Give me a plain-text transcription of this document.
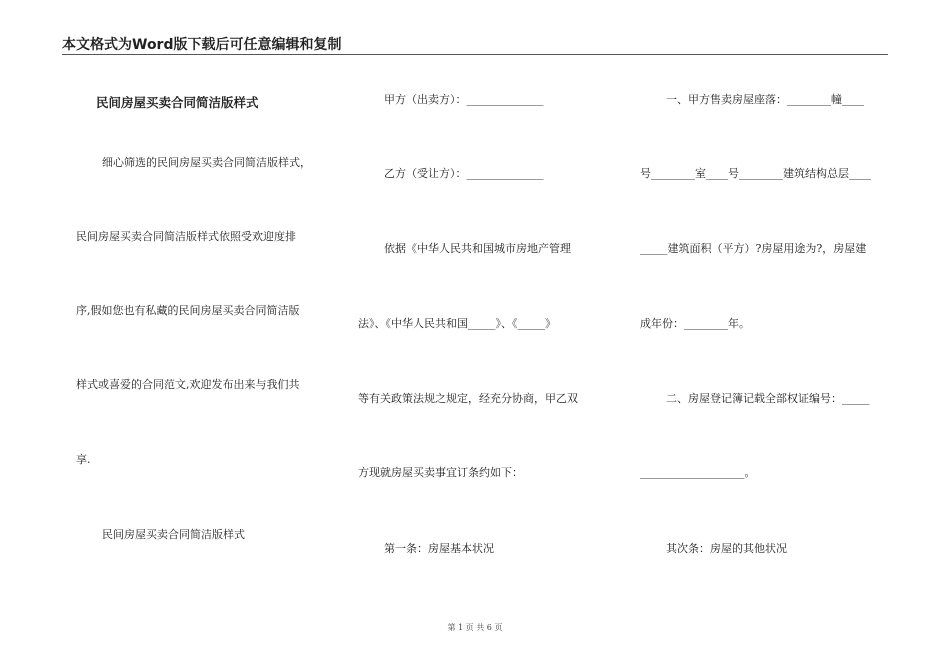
本文格式为Word版下载后可任意编辑和复制
民间房屋买卖合同简洁版样式
细心筛选的民间房屋买卖合同简洁版样式，
民间房屋买卖合同简洁版样式依照受欢迎度排
序,假如您也有私藏的民间房屋买卖合同简洁版
样式或喜爱的合同范文,欢迎发布出来与我们共
享.
民间房屋买卖合同简洁版样式
甲方（出卖方）：______________
乙方（受让方）：______________
依据《中华人民共和国城市房地产管理
法》、《中华人民共和国_____》、《_____》
等有关政策法规之规定，经充分协商，甲乙双
方现就房屋买卖事宜订条约如下：
第一条：房屋基本状况
一、甲方售卖房屋座落：________幢____
号________室____号________建筑结构总层____
_____建筑面积（平方）?房屋用途为?，房屋建
成年份：________年。
二、房屋登记簿记载全部权证编号：_____
___________________。
其次条：房屋的其他状况
第 1 页 共 6 页
